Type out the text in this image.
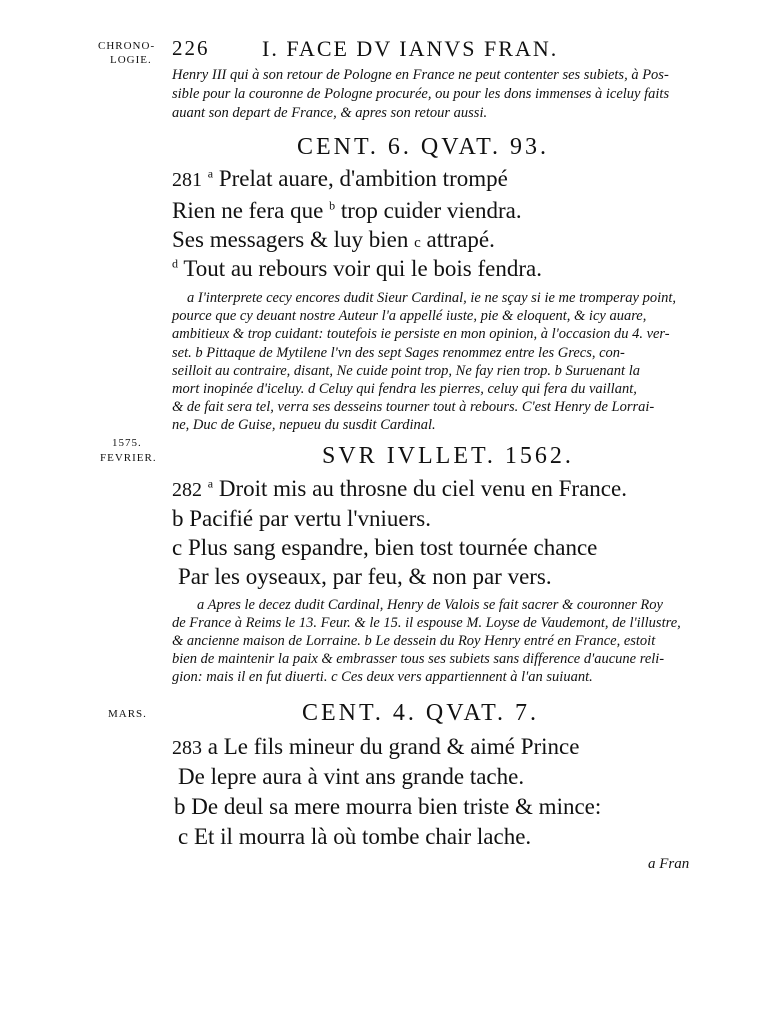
CHRONO-
LOGIE.
1575.
FEVRIER.
MARS.
226 I. FACE DV IANVS FRAN.
Henry III qui à son retour de Pologne en France ne peut contenter ses subiets, à Pos-
sible pour la couronne de Pologne procurée, ou pour les dons immenses à iceluy faits
auant son depart de France, & apres son retour aussi.
CENT. 6. QVAT. 93.
281 $^a$ Prelat auare, d'ambition trompé
Rien ne fera que $^b$ trop cuider viendra.
Ses messagers & luy bien c attrapé.
$^d$ Tout au rebours voir qui le bois fendra.
a I'interprete cecy encores dudit Sieur Cardinal, ie ne sçay si ie me tromperay point,
pource que cy deuant nostre Auteur l'a appellé iuste, pie & eloquent, & icy auare,
ambitieux & trop cuidant: toutefois ie persiste en mon opinion, à l'occasion du 4. ver-
set. b Pittaque de Mytilene l'vn des sept Sages renommez entre les Grecs, con-
seilloit au contraire, disant, Ne cuide point trop, Ne fay rien trop. b Suruenant la
mort inopinée d'iceluy. d Celuy qui fendra les pierres, celuy qui fera du vaillant,
& de fait sera tel, verra ses desseins tourner tout à rebours. C'est Henry de Lorrai-
ne, Duc de Guise, nepueu du susdit Cardinal.
SVR IVLLET. 1562.
282 $^a$ Droit mis au throsne du ciel venu en France.
b Pacifié par vertu l'vniuers.
c Plus sang espandre, bien tost tournée chance
Par les oyseaux, par feu, & non par vers.
a Apres le decez dudit Cardinal, Henry de Valois se fait sacrer & couronner Roy
de France à Reims le 13. Feur. & le 15. il espouse M. Loyse de Vaudemont, de l'illustre,
& ancienne maison de Lorraine. b Le dessein du Roy Henry entré en France, estoit
bien de maintenir la paix & embrasser tous ses subiets sans difference d'aucune reli-
gion: mais il en fut diuerti. c Ces deux vers appartiennent à l'an suiuant.
CENT. 4. QVAT. 7.
283 a Le fils mineur du grand & aimé Prince
De lepre aura à vint ans grande tache.
b De deul sa mere mourra bien triste & mince:
c Et il mourra là où tombe chair lache.
a Fran
